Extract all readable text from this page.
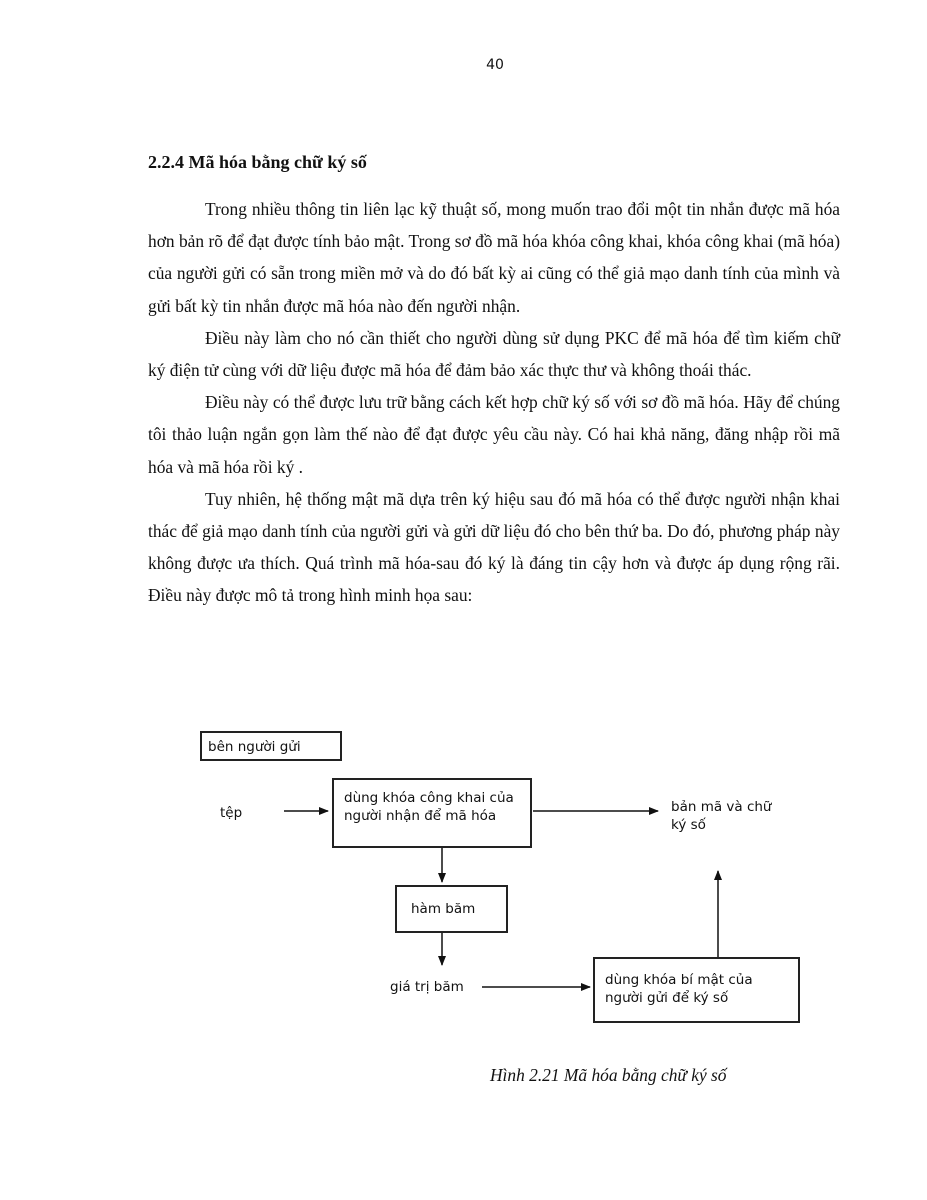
40
2.2.4 Mã hóa bằng chữ ký số

Trong nhiều thông tin liên lạc kỹ thuật số, mong muốn trao đổi một tin nhắn được mã hóa hơn bản rõ để đạt được tính bảo mật. Trong sơ đồ mã hóa khóa công khai, khóa công khai (mã hóa) của người gửi có sẵn trong miền mở và do đó bất kỳ ai cũng có thể giả mạo danh tính của mình và gửi bất kỳ tin nhắn được mã hóa nào đến người nhận.

Điều này làm cho nó cần thiết cho người dùng sử dụng PKC để mã hóa để tìm kiếm chữ ký điện tử cùng với dữ liệu được mã hóa để đảm bảo xác thực thư và không thoái thác.

Điều này có thể được lưu trữ bằng cách kết hợp chữ ký số với sơ đồ mã hóa. Hãy để chúng tôi thảo luận ngắn gọn làm thế nào để đạt được yêu cầu này. Có hai khả năng, đăng nhập rồi mã hóa và mã hóa rồi ký .

Tuy nhiên, hệ thống mật mã dựa trên ký hiệu sau đó mã hóa có thể được người nhận khai thác để giả mạo danh tính của người gửi và gửi dữ liệu đó cho bên thứ ba. Do đó, phương pháp này không được ưa thích. Quá trình mã hóa-sau đó ký là đáng tin cậy hơn và được áp dụng rộng rãi. Điều này được mô tả trong hình minh họa sau:

bên người gửi
tệp
dùng khóa công khai của người nhận để mã hóa
bản mã và chữ ký số
hàm băm
giá trị băm	dùng khóa bí mật của người gửi để ký số
Hình 2.21 Mã hóa bằng chữ ký số
